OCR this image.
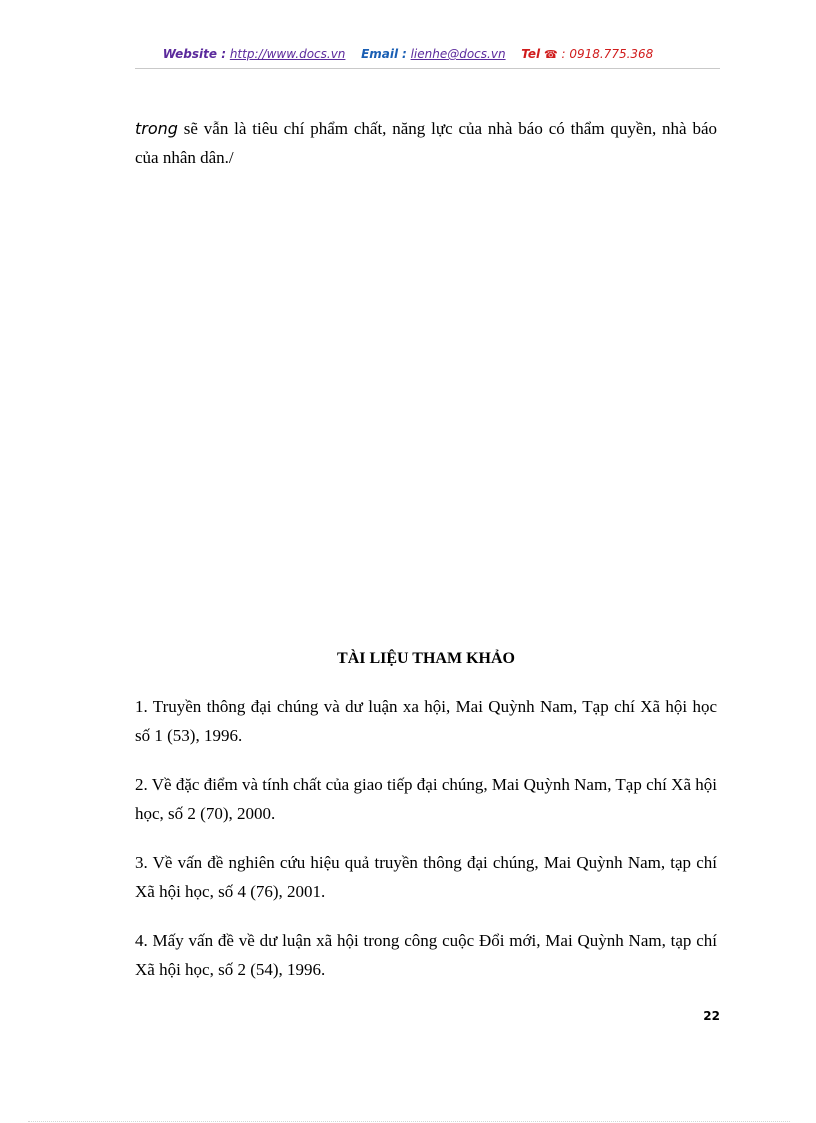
Website : http://www.docs.vn Email : lienhe@docs.vn Tel ☎ : 0918.775.368

trong sẽ vẫn là tiêu chí phẩm chất, năng lực của nhà báo có thẩm quyền, nhà báo của nhân dân./

TÀI LIỆU THAM KHẢO

1. Truyền thông đại chúng và dư luận xa hội, Mai Quỳnh Nam, Tạp chí Xã hội học số 1 (53), 1996.

2. Về đặc điểm và tính chất của giao tiếp đại chúng, Mai Quỳnh Nam, Tạp chí Xã hội học, số 2 (70), 2000.

3. Về vấn đề nghiên cứu hiệu quả truyền thông đại chúng, Mai Quỳnh Nam, tạp chí Xã hội học, số 4 (76), 2001.

4. Mấy vấn đề về dư luận xã hội trong công cuộc Đổi mới, Mai Quỳnh Nam, tạp chí Xã hội học, số 2 (54), 1996.

22
